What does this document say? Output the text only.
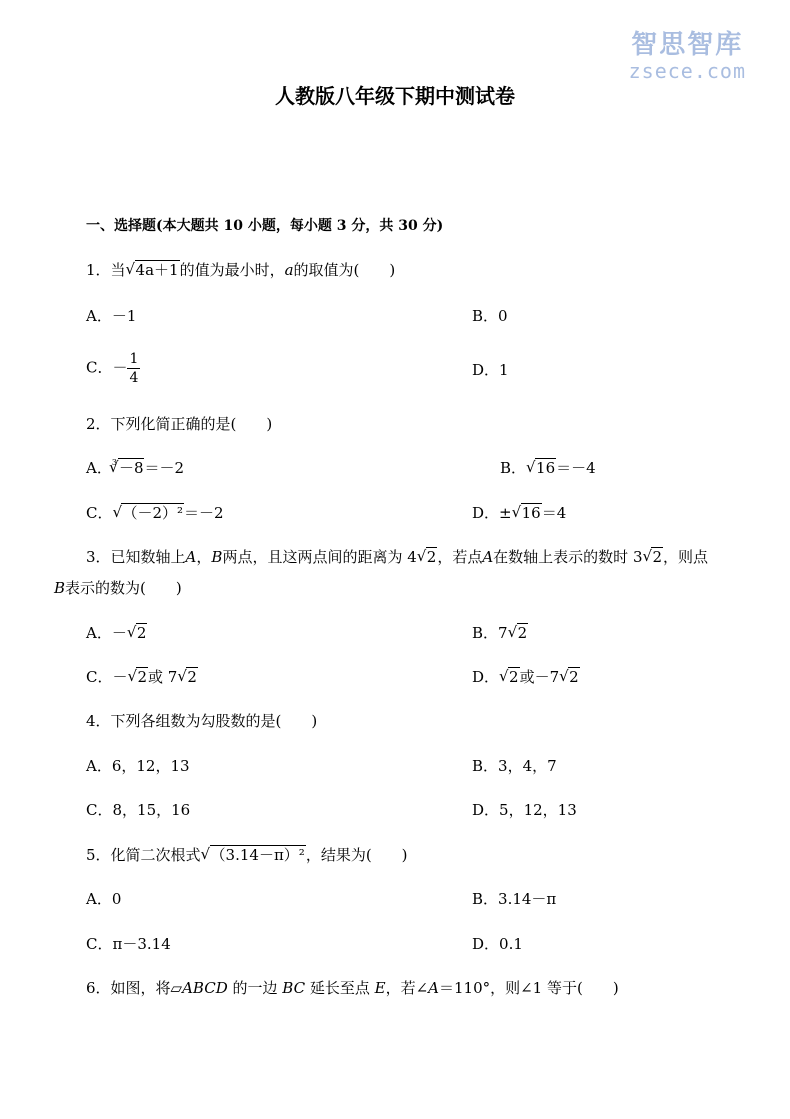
智思智库
zsece.com
人教版八年级下期中测试卷
一、选择题(本大题共 10 小题，每小题 3 分，共 30 分)
1．当 √ 4a＋1的值为最小时，a的取值为(　　)
A．－1	B．0
C．－ $\frac{1}{4}$	D．1
2．下列化简正确的是(　　)
A．$^3$ √ －8＝－2	B． √ 16＝－4
C． √ （－2）²＝－2	D．± √ 16＝4
3．已知数轴上A，B两点，且这两点间的距离为 4 √ 2，若点A在数轴上表示的数时 3 √ 2，则点
B表示的数为(　　)
A．－ √ 2	B．7 √ 2
C．－ √ 2或 7 √ 2	D． √ 2或－7 √ 2
4．下列各组数为勾股数的是(　　)
A．6，12，13	B．3，4，7
C．8，15，16	D．5，12，13
5．化简二次根式 √ （3.14－π）²，结果为(　　)
A．0	B．3.14－π
C．π－3.14	D．0.1
6．如图，将▱ABCD 的一边 BC 延长至点 E，若∠A＝110°，则∠1 等于(　　)
